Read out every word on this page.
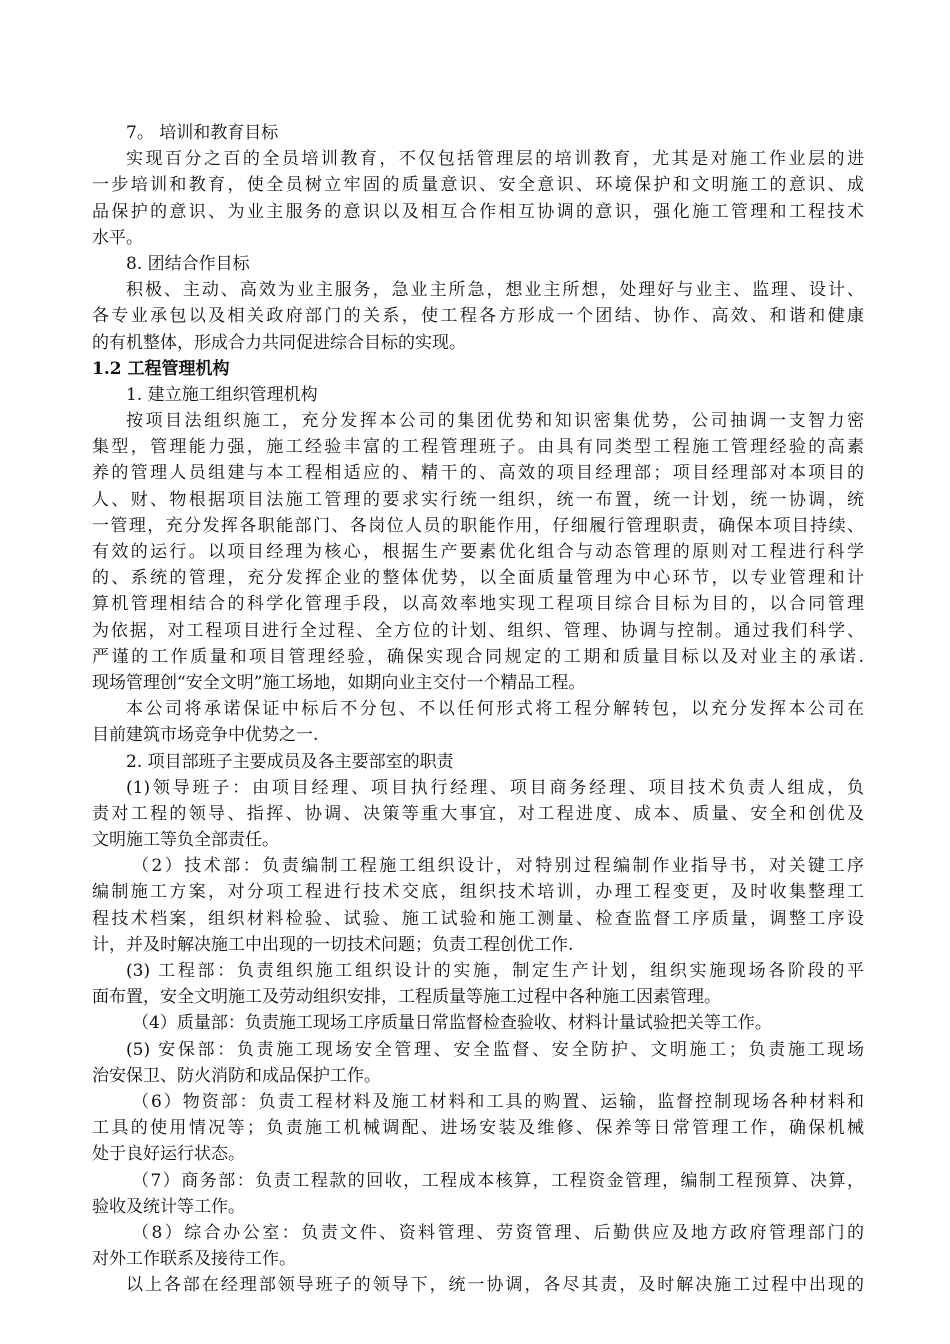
7。 培训和教育目标
实现百分之百的全员培训教育，不仅包括管理层的培训教育，尤其是对施工作业层的进
一步培训和教育，使全员树立牢固的质量意识、安全意识、环境保护和文明施工的意识、成
品保护的意识、为业主服务的意识以及相互合作相互协调的意识，强化施工管理和工程技术
水平。
8. 团结合作目标
积极、主动、高效为业主服务，急业主所急，想业主所想，处理好与业主、监理、设计、
各专业承包以及相关政府部门的关系，使工程各方形成一个团结、协作、高效、和谐和健康
的有机整体，形成合力共同促进综合目标的实现。
1.2 工程管理机构
1. 建立施工组织管理机构
按项目法组织施工，充分发挥本公司的集团优势和知识密集优势，公司抽调一支智力密
集型，管理能力强，施工经验丰富的工程管理班子。由具有同类型工程施工管理经验的高素
养的管理人员组建与本工程相适应的、精干的、高效的项目经理部；项目经理部对本项目的
人、财、物根据项目法施工管理的要求实行统一组织，统一布置，统一计划，统一协调，统
一管理，充分发挥各职能部门、各岗位人员的职能作用，仔细履行管理职责，确保本项目持续、
有效的运行。以项目经理为核心，根据生产要素优化组合与动态管理的原则对工程进行科学
的、系统的管理，充分发挥企业的整体优势，以全面质量管理为中心环节，以专业管理和计
算机管理相结合的科学化管理手段，以高效率地实现工程项目综合目标为目的，以合同管理
为依据，对工程项目进行全过程、全方位的计划、组织、管理、协调与控制。通过我们科学、
严谨的工作质量和项目管理经验，确保实现合同规定的工期和质量目标以及对业主的承诺.
现场管理创“安全文明”施工场地，如期向业主交付一个精品工程。
本公司将承诺保证中标后不分包、不以任何形式将工程分解转包，以充分发挥本公司在
目前建筑市场竞争中优势之一.
2. 项目部班子主要成员及各主要部室的职责
(1)领导班子：由项目经理、项目执行经理、项目商务经理、项目技术负责人组成，负
责对工程的领导、指挥、协调、决策等重大事宜，对工程进度、成本、质量、安全和创优及
文明施工等负全部责任。
（2）技术部：负责编制工程施工组织设计，对特别过程编制作业指导书，对关键工序
编制施工方案，对分项工程进行技术交底，组织技术培训，办理工程变更，及时收集整理工
程技术档案，组织材料检验、试验、施工试验和施工测量、检查监督工序质量，调整工序设
计，并及时解决施工中出现的一切技术问题；负责工程创优工作.
(3) 工程部：负责组织施工组织设计的实施，制定生产计划，组织实施现场各阶段的平
面布置，安全文明施工及劳动组织安排，工程质量等施工过程中各种施工因素管理。
（4）质量部：负责施工现场工序质量日常监督检查验收、材料计量试验把关等工作。
(5) 安保部：负责施工现场安全管理、安全监督、安全防护、文明施工；负责施工现场
治安保卫、防火消防和成品保护工作。
（6）物资部：负责工程材料及施工材料和工具的购置、运输，监督控制现场各种材料和
工具的使用情况等；负责施工机械调配、进场安装及维修、保养等日常管理工作，确保机械
处于良好运行状态。
（7）商务部：负责工程款的回收，工程成本核算，工程资金管理，编制工程预算、决算，
验收及统计等工作。
（8）综合办公室：负责文件、资料管理、劳资管理、后勤供应及地方政府管理部门的
对外工作联系及接待工作。
以上各部在经理部领导班子的领导下，统一协调，各尽其责，及时解决施工过程中出现的
